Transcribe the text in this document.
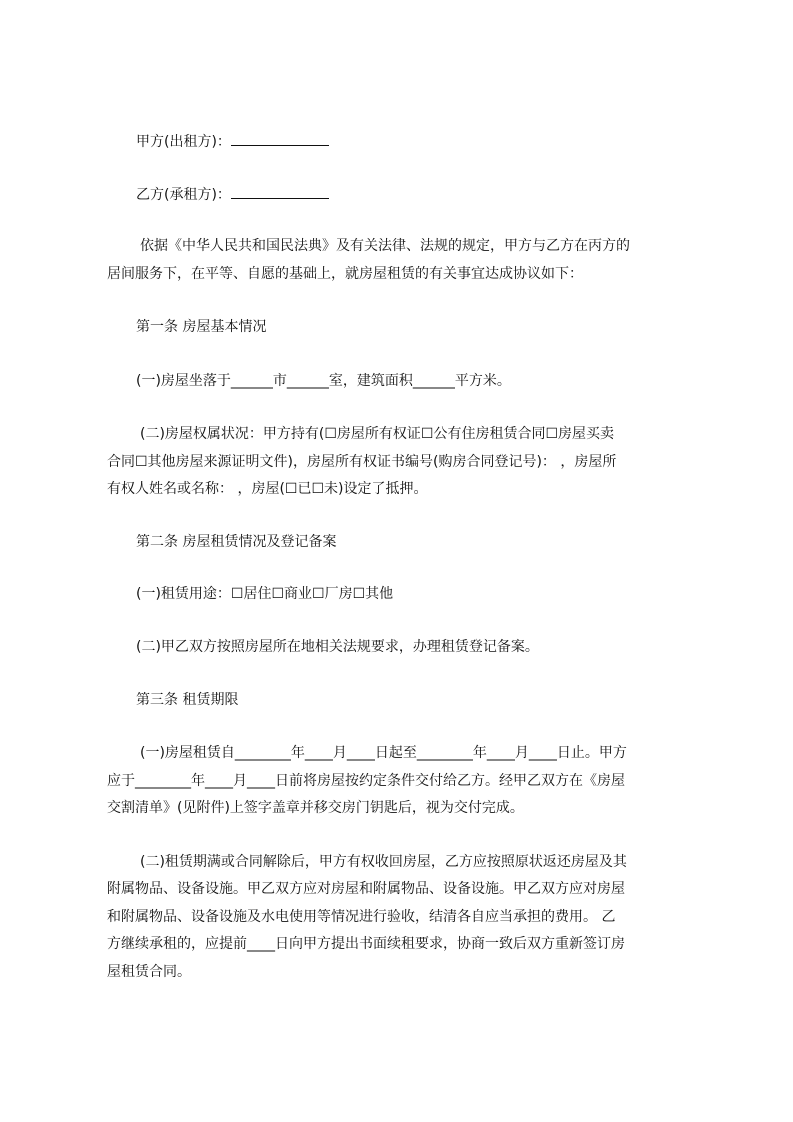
甲方(出租方)：
乙方(承租方)：
依据《中华人民共和国民法典》及有关法律、法规的规定，甲方与乙方在丙方的
居间服务下，在平等、自愿的基础上，就房屋租赁的有关事宜达成协议如下：
第一条 房屋基本情况
(一)房屋坐落于______市______室，建筑面积______平方米。
(二)房屋权属状况：甲方持有(☐房屋所有权证☐公有住房租赁合同☐房屋买卖
合同☐其他房屋来源证明文件)，房屋所有权证书编号(购房合同登记号)： ，房屋所
有权人姓名或名称： ，房屋(☐已☐未)设定了抵押。
第二条 房屋租赁情况及登记备案
(一)租赁用途：☐居住☐商业☐厂房☐其他
(二)甲乙双方按照房屋所在地相关法规要求，办理租赁登记备案。
第三条 租赁期限
(一)房屋租赁自________年____月____日起至________年____月____日止。甲方
应于________年____月____日前将房屋按约定条件交付给乙方。经甲乙双方在《房屋
交割清单》(见附件)上签字盖章并移交房门钥匙后，视为交付完成。
(二)租赁期满或合同解除后，甲方有权收回房屋，乙方应按照原状返还房屋及其
附属物品、设备设施。甲乙双方应对房屋和附属物品、设备设施。甲乙双方应对房屋
和附属物品、设备设施及水电使用等情况进行验收，结清各自应当承担的费用。 乙
方继续承租的，应提前____日向甲方提出书面续租要求，协商一致后双方重新签订房
屋租赁合同。
